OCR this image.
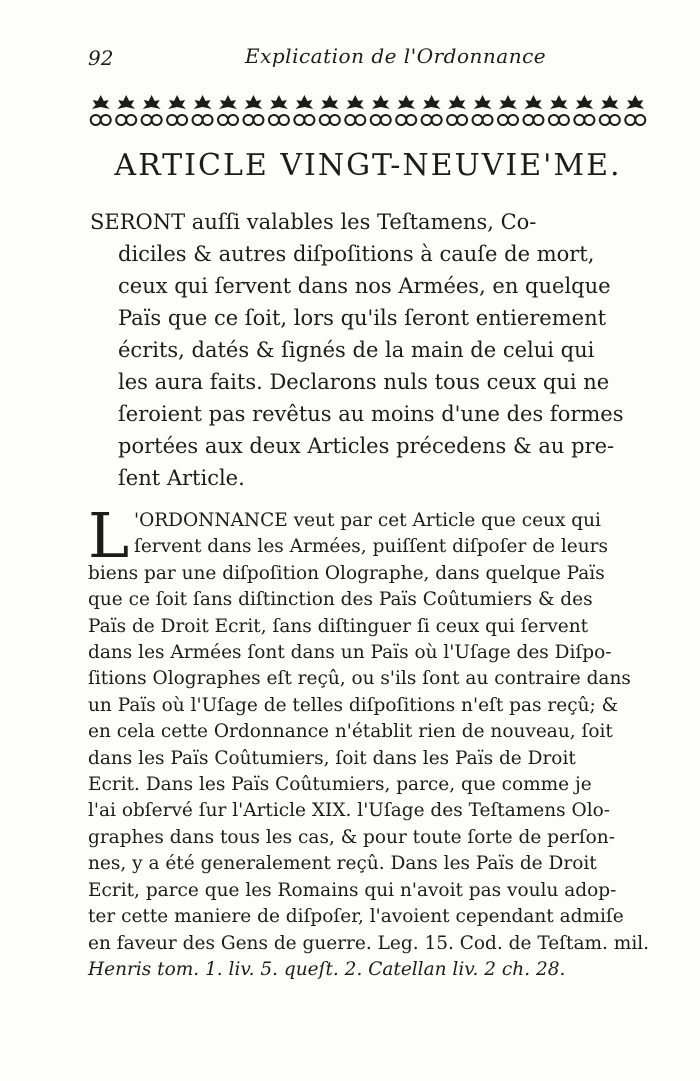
92	Explication de l'Ordonnance
ARTICLE VINGT-NEUVIE'ME.
SERONT auſſi valables les Teſtamens, Co-
diciles & autres diſpoſitions à cauſe de mort,
ceux qui ſervent dans nos Armées, en quelque
Païs que ce ſoit, lors qu'ils ſeront entierement
écrits, datés & ſignés de la main de celui qui
les aura faits. Declarons nuls tous ceux qui ne
ſeroient pas revêtus au moins d'une des formes
portées aux deux Articles précedens & au pre-
ſent Article.
L 'ORDONNANCE veut par cet Article que ceux qui
ſervent dans les Armées, puiſſent diſpoſer de leurs
biens par une diſpoſition Olographe, dans quelque Païs
que ce ſoit ſans diſtinction des Païs Coûtumiers & des
Païs de Droit Ecrit, ſans diſtinguer ſi ceux qui ſervent
dans les Armées ſont dans un Païs où l'Uſage des Diſpo-
ſitions Olographes eſt reçû, ou s'ils ſont au contraire dans
un Païs où l'Uſage de telles diſpoſitions n'eſt pas reçû; &
en cela cette Ordonnance n'établit rien de nouveau, ſoit
dans les Païs Coûtumiers, ſoit dans les Païs de Droit
Ecrit. Dans les Païs Coûtumiers, parce, que comme je
l'ai obſervé ſur l'Article XIX. l'Uſage des Teſtamens Olo-
graphes dans tous les cas, & pour toute ſorte de perſon-
nes, y a été generalement reçû. Dans les Païs de Droit
Ecrit, parce que les Romains qui n'avoit pas voulu adop-
ter cette maniere de diſpoſer, l'avoient cependant admiſe
en faveur des Gens de guerre. Leg. 15. Cod. de Teſtam. mil.
Henris tom. 1. liv. 5. queſt. 2. Catellan liv. 2 ch. 28.
